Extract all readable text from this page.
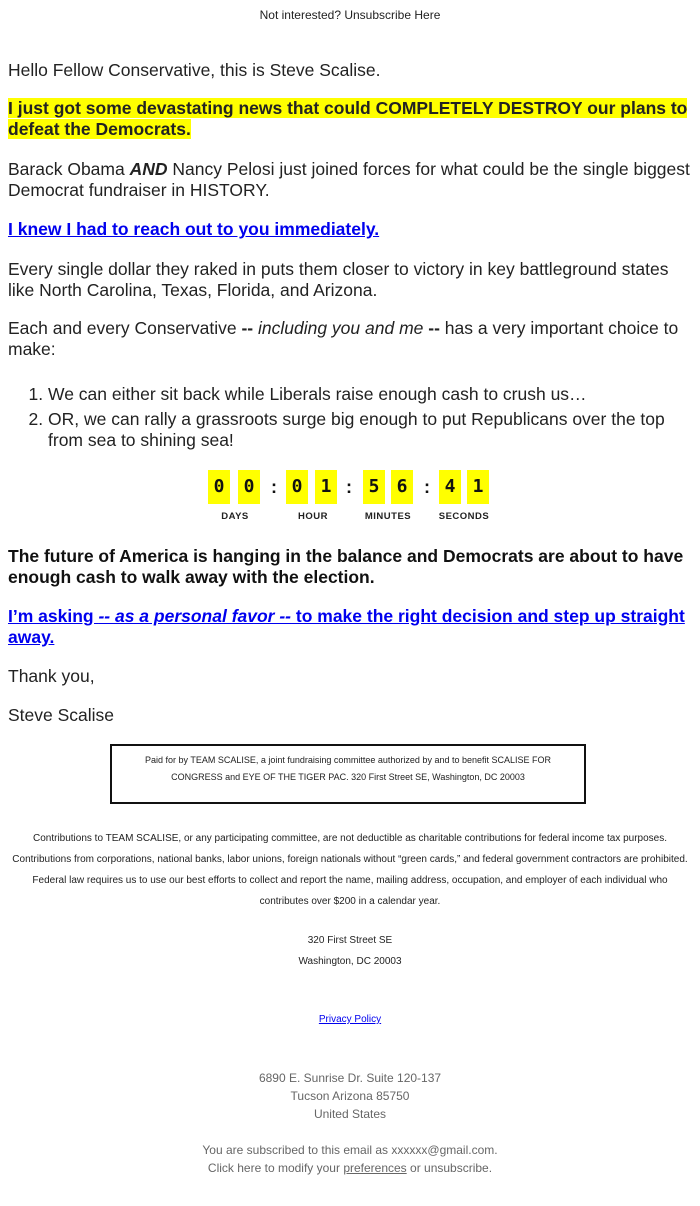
Not interested? Unsubscribe Here

Hello Fellow Conservative, this is Steve Scalise.

I just got some devastating news that could COMPLETELY DESTROY our plans to defeat the Democrats.

Barack Obama AND Nancy Pelosi just joined forces for what could be the single biggest Democrat fundraiser in HISTORY.

I knew I had to reach out to you immediately.

Every single dollar they raked in puts them closer to victory in key battleground states like North Carolina, Texas, Florida, and Arizona.

Each and every Conservative -- including you and me -- has a very important choice to make:

1. We can either sit back while Liberals raise enough cash to crush us…
2. OR, we can rally a grassroots surge big enough to put Republicans over the top from sea to shining sea!

The future of America is hanging in the balance and Democrats are about to have enough cash to walk away with the election.

I’m asking -- as a personal favor -- to make the right decision and step up straight away.

Thank you,

Steve Scalise

0	0 : 0	1 : 5 6 : 4 1
DAYS	HOUR	MINUTES	SECONDS
Paid for by TEAM SCALISE, a joint fundraising committee authorized by and to benefit SCALISE FOR CONGRESS and EYE OF THE TIGER PAC. 320 First Street SE, Washington, DC 20003
Contributions to TEAM SCALISE, or any participating committee, are not deductible as charitable contributions for federal income tax purposes. Contributions from corporations, national banks, labor unions, foreign nationals without “green cards,” and federal government contractors are prohibited. Federal law requires us to use our best efforts to collect and report the name, mailing address, occupation, and employer of each individual who contributes over $200 in a calendar year.
320 First Street SE
Washington, DC 20003
Privacy Policy
6890 E. Sunrise Dr. Suite 120-137
Tucson Arizona 85750
United States
You are subscribed to this email as xxxxxx@gmail.com.
Click here to modify your preferences or unsubscribe.
